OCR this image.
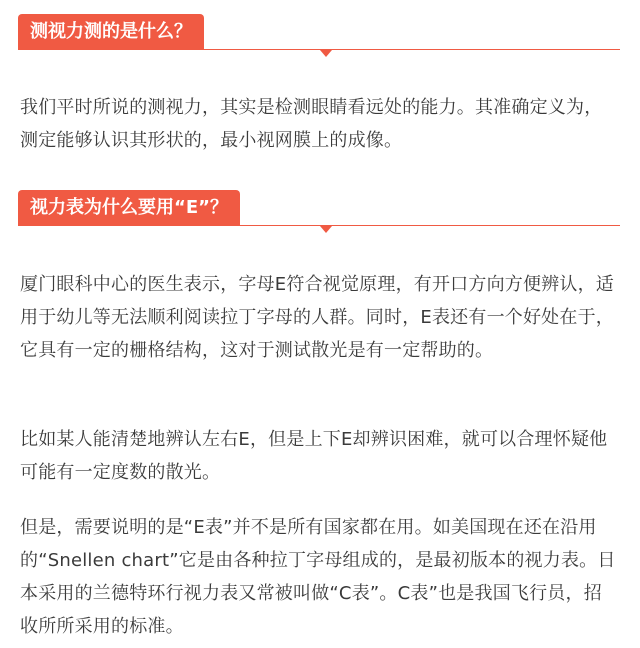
测视力测的是什么？

我们平时所说的测视力，其实是检测眼睛看远处的能力。其准确定义为，测定能够认识其形状的，最小视网膜上的成像。

视力表为什么要用“E”？

厦门眼科中心的医生表示，字母E符合视觉原理，有开口方向方便辨认，适用于幼儿等无法顺利阅读拉丁字母的人群。同时，E表还有一个好处在于，它具有一定的栅格结构，这对于测试散光是有一定帮助的。

比如某人能清楚地辨认左右E，但是上下E却辨识困难，就可以合理怀疑他可能有一定度数的散光。

但是，需要说明的是“E表”并不是所有国家都在用。如美国现在还在沿用的“Snellen chart”它是由各种拉丁字母组成的，是最初版本的视力表。日本采用的兰德特环行视力表又常被叫做“C表”。C表”也是我国飞行员，招收所所采用的标准。
